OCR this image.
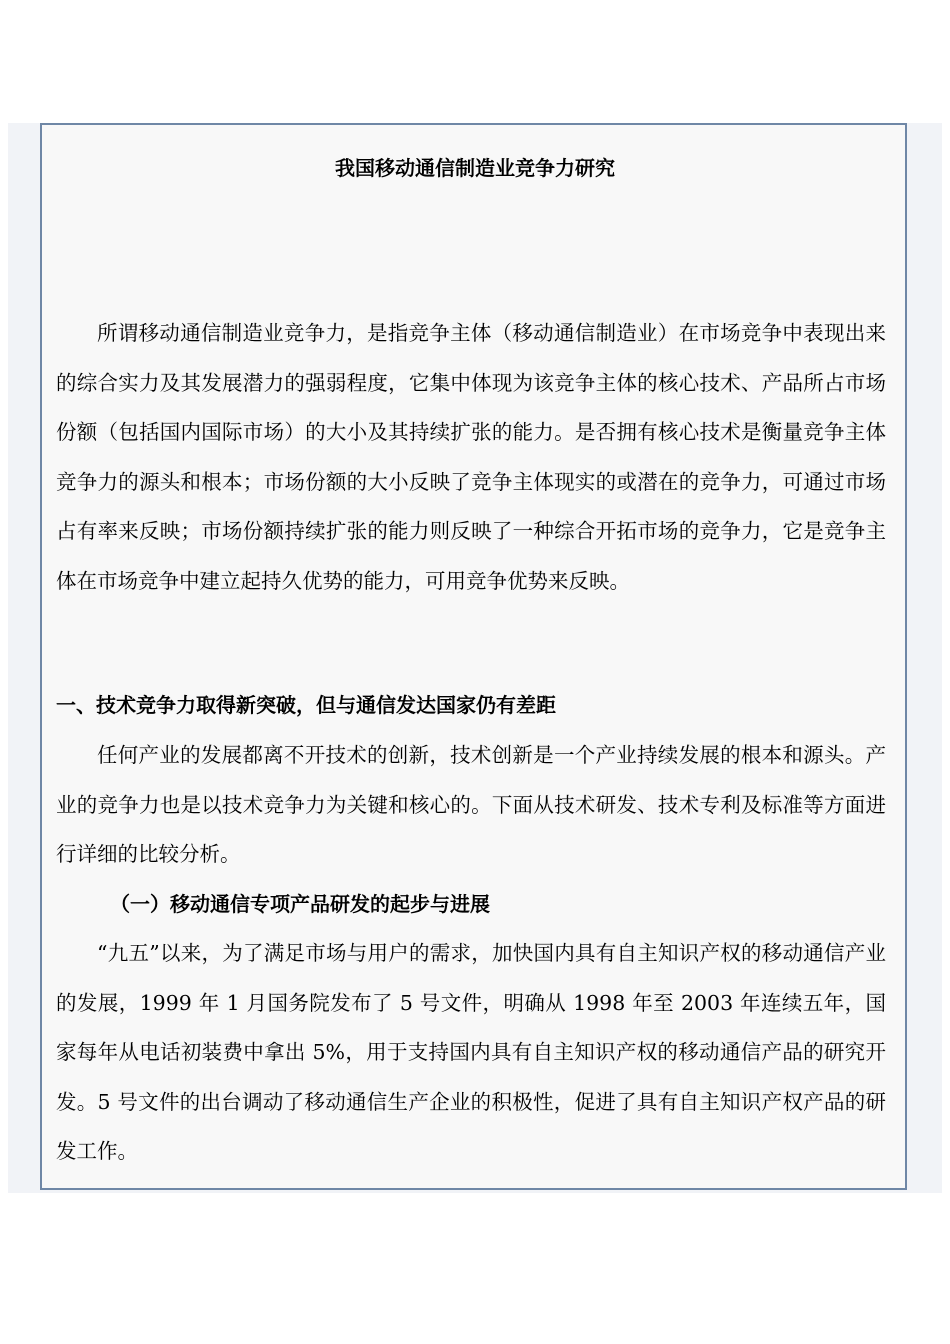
我国移动通信制造业竞争力研究

所谓移动通信制造业竞争力，是指竞争主体（移动通信制造业）在市场竞争中表现出来的综合实力及其发展潜力的强弱程度，它集中体现为该竞争主体的核心技术、产品所占市场份额（包括国内国际市场）的大小及其持续扩张的能力。是否拥有核心技术是衡量竞争主体竞争力的源头和根本；市场份额的大小反映了竞争主体现实的或潜在的竞争力，可通过市场占有率来反映；市场份额持续扩张的能力则反映了一种综合开拓市场的竞争力，它是竞争主体在市场竞争中建立起持久优势的能力，可用竞争优势来反映。

一、技术竞争力取得新突破，但与通信发达国家仍有差距

任何产业的发展都离不开技术的创新，技术创新是一个产业持续发展的根本和源头。产业的竞争力也是以技术竞争力为关键和核心的。下面从技术研发、技术专利及标准等方面进行详细的比较分析。

（一）移动通信专项产品研发的起步与进展

“九五”以来，为了满足市场与用户的需求，加快国内具有自主知识产权的移动通信产业的发展，1999 年 1 月国务院发布了 5 号文件，明确从 1998 年至 2003 年连续五年，国家每年从电话初装费中拿出 5%，用于支持国内具有自主知识产权的移动通信产品的研究开发。5 号文件的出台调动了移动通信生产企业的积极性，促进了具有自主知识产权产品的研发工作。
